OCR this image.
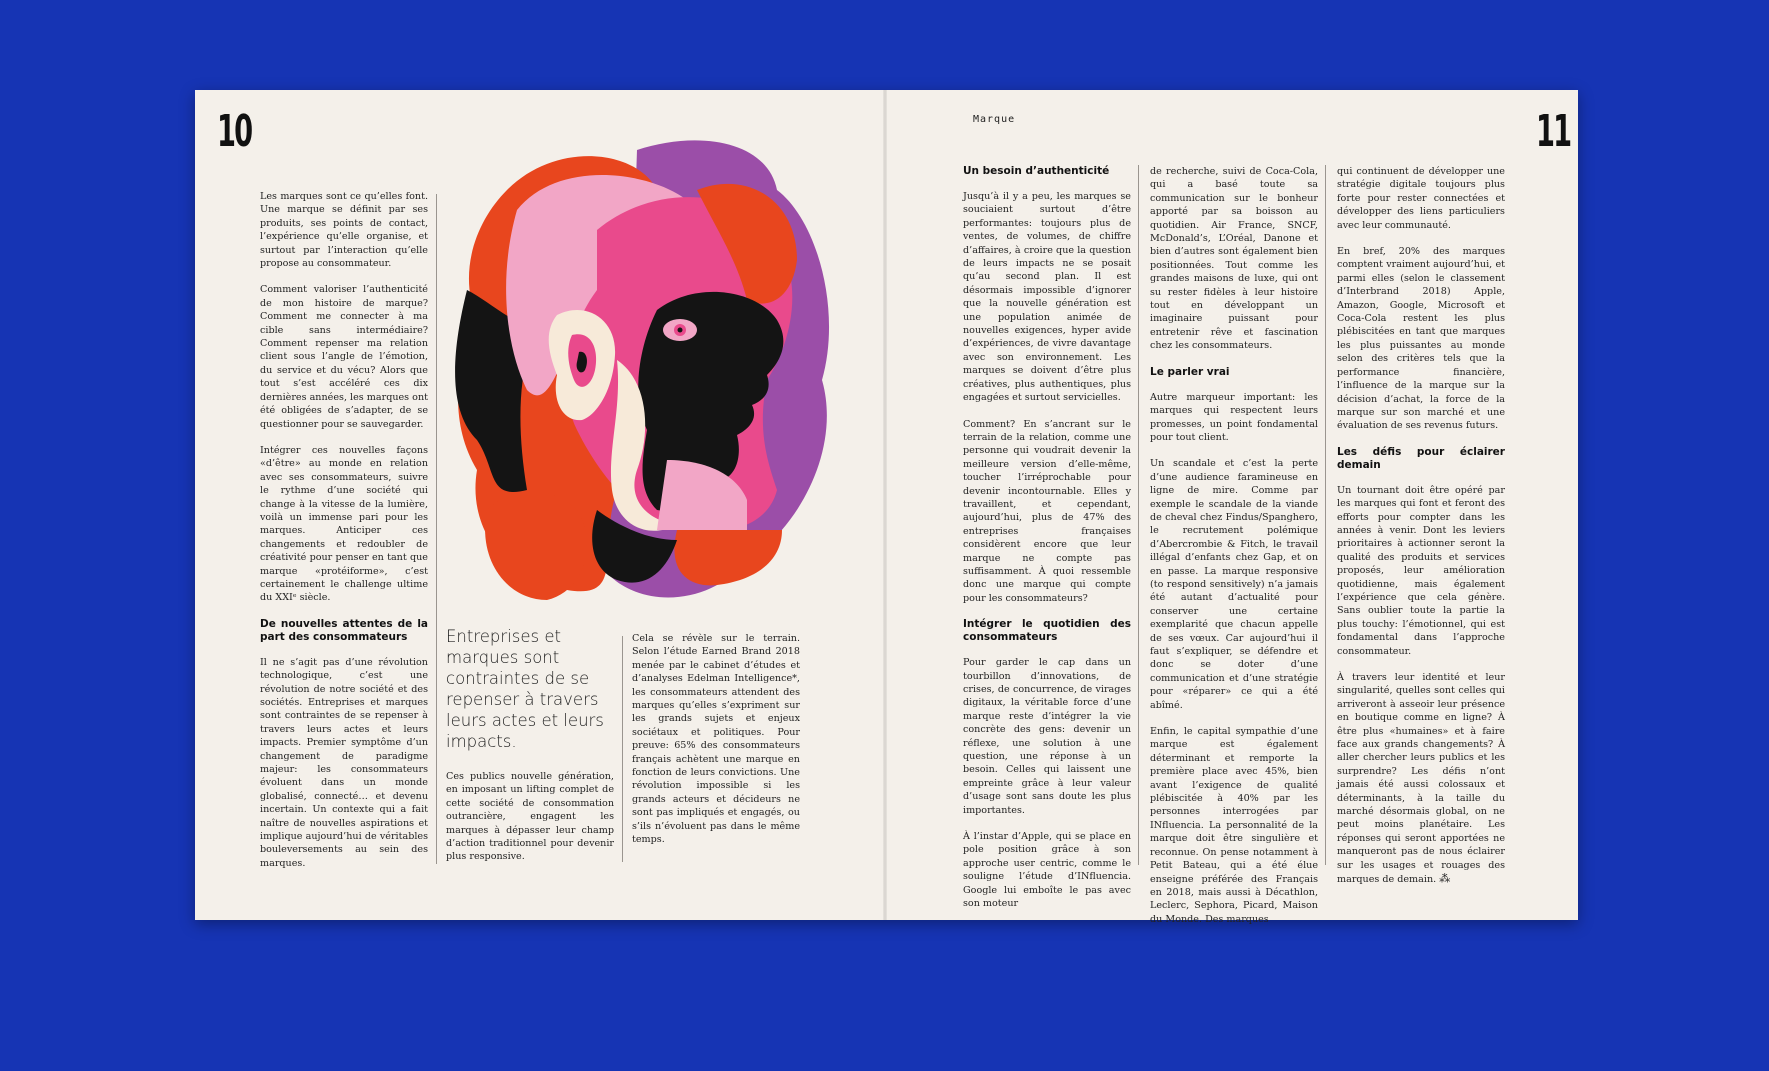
10

Les marques sont ce qu’elles font. Une marque se définit par ses produits, ses points de contact, l’expérience qu’elle organise, et surtout par l’interaction qu’elle propose au consommateur.

Comment valoriser l’authenticité de mon histoire de marque? Comment me connecter à ma cible sans intermédiaire? Comment repenser ma relation client sous l’angle de l’émotion, du service et du vécu? Alors que tout s’est accéléré ces dix dernières années, les marques ont été obligées de s’adapter, de se questionner pour se sauvegarder.

Intégrer ces nouvelles façons «d’être» au monde en relation avec ses consommateurs, suivre le rythme d’une société qui change à la vitesse de la lumière, voilà un immense pari pour les marques. Anticiper ces changements et redoubler de créativité pour penser en tant que marque «protéiforme», c’est certainement le challenge ultime du XXIᵉ siècle.

De nouvelles attentes de la part des consommateurs

Il ne s’agit pas d’une révolution technologique, c’est une révolution de notre société et des sociétés. Entreprises et marques sont contraintes de se repenser à travers leurs actes et leurs impacts. Premier symptôme d’un changement de paradigme majeur: les consommateurs évoluent dans un monde globalisé, connecté… et devenu incertain. Un contexte qui a fait naître de nouvelles aspirations et implique aujourd’hui de véritables bouleversements au sein des marques.

Entreprises et marques sont contraintes de se repenser à travers leurs actes et leurs impacts.

Ces publics nouvelle génération, en imposant un lifting complet de cette société de consommation outrancière, engagent les marques à dépasser leur champ d’action traditionnel pour devenir plus responsive.

Cela se révèle sur le terrain. Selon l’étude Earned Brand 2018 menée par le cabinet d’études et d’analyses Edelman Intelligence*, les consommateurs attendent des marques qu’elles s’expriment sur les grands sujets et enjeux sociétaux et politiques. Pour preuve: 65% des consommateurs français achètent une marque en fonction de leurs convictions. Une révolution impossible si les grands acteurs et décideurs ne sont pas impliqués et engagés, ou s’ils n’évoluent pas dans le même temps.

Marque	11
Un besoin d’authenticité

Jusqu’à il y a peu, les marques se souciaient surtout d’être performantes: toujours plus de ventes, de volumes, de chiffre d’affaires, à croire que la question de leurs impacts ne se posait qu’au second plan. Il est désormais impossible d’ignorer que la nouvelle génération est une population animée de nouvelles exigences, hyper avide d’expériences, de vivre davantage avec son environnement. Les marques se doivent d’être plus créatives, plus authentiques, plus engagées et surtout servicielles.

Comment? En s’ancrant sur le terrain de la relation, comme une personne qui voudrait devenir la meilleure version d’elle-même, toucher l’irréprochable pour devenir incontournable. Elles y travaillent, et cependant, aujourd’hui, plus de 47% des entreprises françaises considèrent encore que leur marque ne compte pas suffisamment. À quoi ressemble donc une marque qui compte pour les consommateurs?

Intégrer le quotidien des consommateurs

Pour garder le cap dans un tourbillon d’innovations, de crises, de concurrence, de virages digitaux, la véritable force d’une marque reste d’intégrer la vie concrète des gens: devenir un réflexe, une solution à une question, une réponse à un besoin. Celles qui laissent une empreinte grâce à leur valeur d’usage sont sans doute les plus importantes.

À l’instar d’Apple, qui se place en pole position grâce à son approche user centric, comme le souligne l’étude d’INfluencia. Google lui emboîte le pas avec son moteur

de recherche, suivi de Coca-Cola, qui a basé toute sa communication sur le bonheur apporté par sa boisson au quotidien. Air France, SNCF, McDonald’s, L’Oréal, Danone et bien d’autres sont également bien positionnées. Tout comme les grandes maisons de luxe, qui ont su rester fidèles à leur histoire tout en développant un imaginaire puissant pour entretenir rêve et fascination chez les consommateurs.

Le parler vrai

Autre marqueur important: les marques qui respectent leurs promesses, un point fondamental pour tout client.

Un scandale et c’est la perte d’une audience faramineuse en ligne de mire. Comme par exemple le scandale de la viande de cheval chez Findus/Spanghero, le recrutement polémique d’Abercrombie & Fitch, le travail illégal d’enfants chez Gap, et on en passe. La marque responsive (to respond sensitively) n’a jamais été autant d’actualité pour conserver une certaine exemplarité que chacun appelle de ses vœux. Car aujourd’hui il faut s’expliquer, se défendre et donc se doter d’une communication et d’une stratégie pour «réparer» ce qui a été abîmé.

Enfin, le capital sympathie d’une marque est également déterminant et remporte la première place avec 45%, bien avant l’exigence de qualité plébiscitée à 40% par les personnes interrogées par INfluencia. La personnalité de la marque doit être singulière et reconnue. On pense notamment à Petit Bateau, qui a été élue enseigne préférée des Français en 2018, mais aussi à Décathlon, Leclerc, Sephora, Picard, Maison du Monde. Des marques

qui continuent de développer une stratégie digitale toujours plus forte pour rester connectées et développer des liens particuliers avec leur communauté.

En bref, 20% des marques comptent vraiment aujourd’hui, et parmi elles (selon le classement d’Interbrand 2018) Apple, Amazon, Google, Microsoft et Coca-Cola restent les plus plébiscitées en tant que marques les plus puissantes au monde selon des critères tels que la performance financière, l’influence de la marque sur la décision d’achat, la force de la marque sur son marché et une évaluation de ses revenus futurs.

Les défis pour éclairer demain

Un tournant doit être opéré par les marques qui font et feront des efforts pour compter dans les années à venir. Dont les leviers prioritaires à actionner seront la qualité des produits et services proposés, leur amélioration quotidienne, mais également l’expérience que cela génère. Sans oublier toute la partie la plus touchy: l’émotionnel, qui est fondamental dans l’approche consommateur.

À travers leur identité et leur singularité, quelles sont celles qui arriveront à asseoir leur présence en boutique comme en ligne? À être plus «humaines» et à faire face aux grands changements? À aller chercher leurs publics et les surprendre? Les défis n’ont jamais été aussi colossaux et déterminants, à la taille du marché désormais global, on ne peut moins planétaire. Les réponses qui seront apportées ne manqueront pas de nous éclairer sur les usages et rouages des marques de demain. ⁂
